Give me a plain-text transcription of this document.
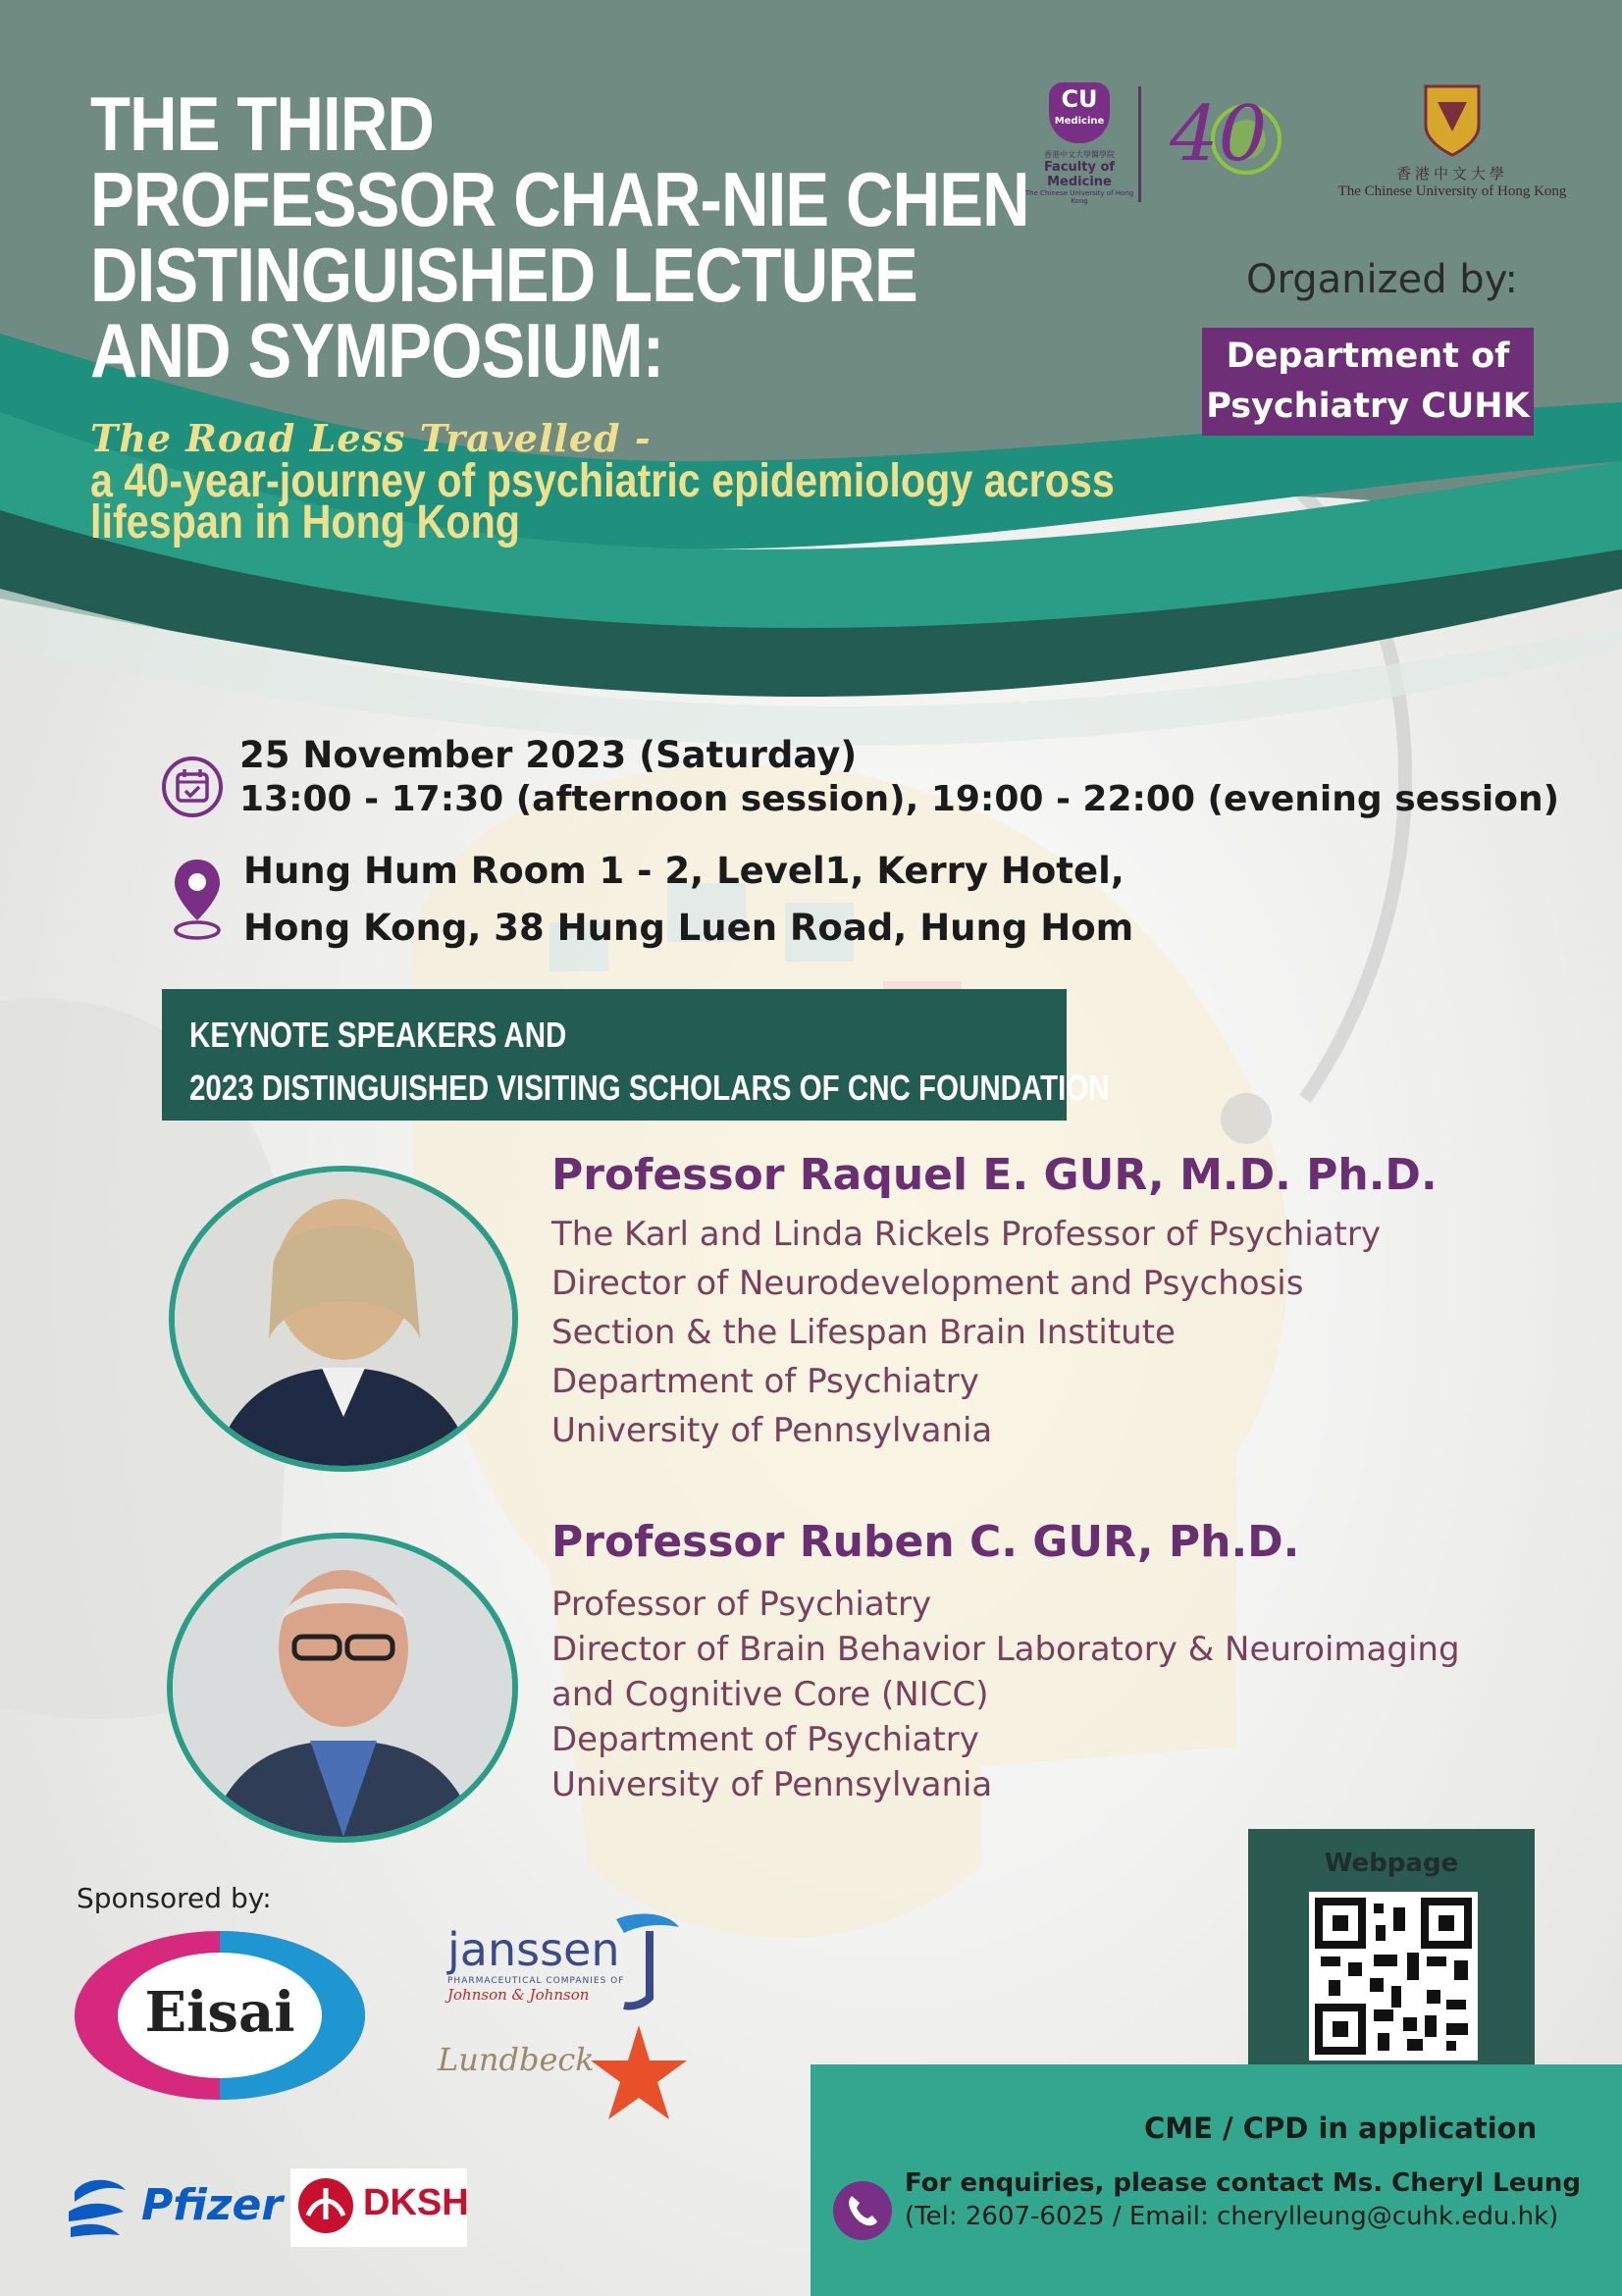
THE THIRD
PROFESSOR CHAR-NIE CHEN
DISTINGUISHED LECTURE
AND SYMPOSIUM:
The Road Less Travelled -
a 40-year-journey of psychiatric epidemiology across
lifespan in Hong Kong
CU
Medicine
香港中文大學醫學院
Faculty of Medicine
The Chinese University of Hong Kong
40	香港中文大學
The Chinese University of Hong Kong
Organized by:
Department of
Psychiatry CUHK
25 November 2023 (Saturday)
13:00 - 17:30 (afternoon session), 19:00 - 22:00 (evening session)
Hung Hum Room 1 - 2, Level1, Kerry Hotel,
Hong Kong, 38 Hung Luen Road, Hung Hom
KEYNOTE SPEAKERS AND
2023 DISTINGUISHED VISITING SCHOLARS OF CNC FOUNDATION
Professor Raquel E. GUR, M.D. Ph.D.
The Karl and Linda Rickels Professor of Psychiatry
Director of Neurodevelopment and Psychosis
Section & the Lifespan Brain Institute
Department of Psychiatry
University of Pennsylvania
Professor Ruben C. GUR, Ph.D.
Professor of Psychiatry
Director of Brain Behavior Laboratory & Neuroimaging
and Cognitive Core (NICC)
Department of Psychiatry
University of Pennsylvania
Sponsored by:
Eisai
janssen
PHARMACEUTICAL COMPANIES OF
Johnson & Johnson
Lundbeck
Pfizer DKSH
Webpage
CME / CPD in application
For enquiries, please contact Ms. Cheryl Leung
(Tel: 2607-6025 / Email: cherylleung@cuhk.edu.hk)
